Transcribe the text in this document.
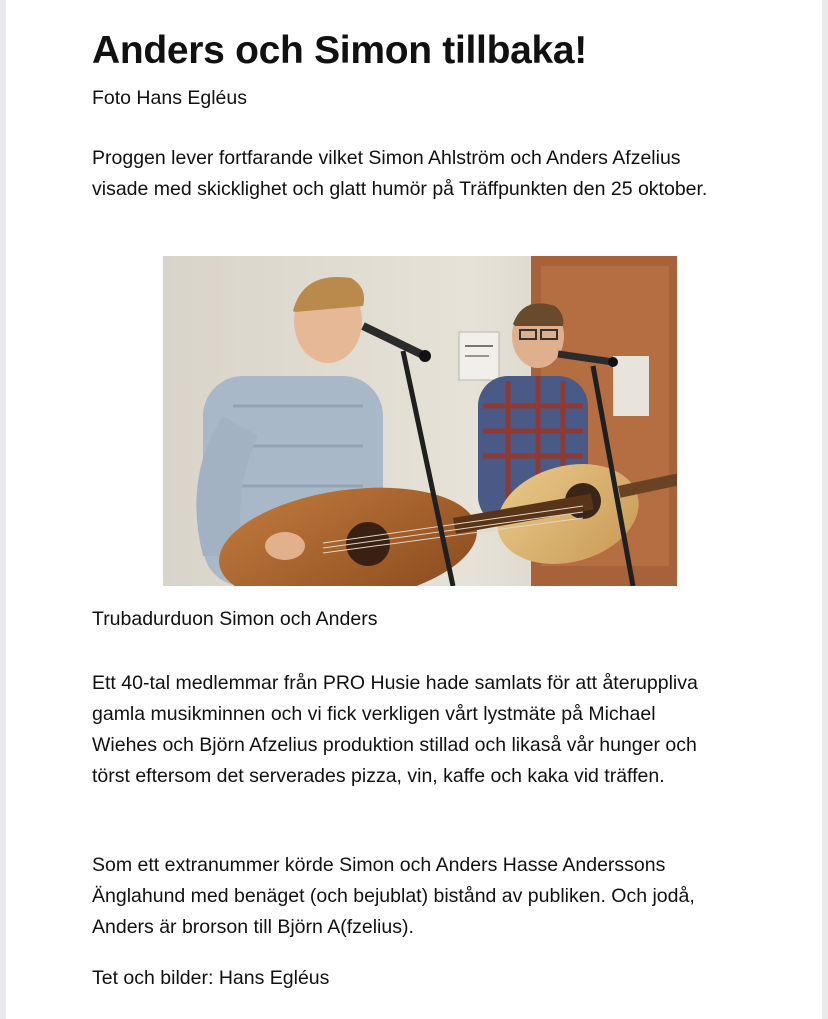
Anders och Simon tillbaka!

Foto Hans Egléus

Proggen lever fortfarande vilket Simon Ahlström och Anders Afzelius visade med skicklighet och glatt humör på Träffpunkten den 25 oktober.

Trubadurduon Simon och Anders

Ett 40-tal medlemmar från PRO Husie hade samlats för att återuppliva gamla musikminnen och vi fick verkligen vårt lystmäte på Michael Wiehes och Björn Afzelius produktion stillad och likaså vår hunger och törst eftersom det serverades pizza, vin, kaffe och kaka vid träffen.

Som ett extranummer körde Simon och Anders Hasse Anderssons Änglahund med benäget (och bejublat) bistånd av publiken. Och jodå, Anders är brorson till Björn A(fzelius).

Tet och bilder: Hans Egléus
